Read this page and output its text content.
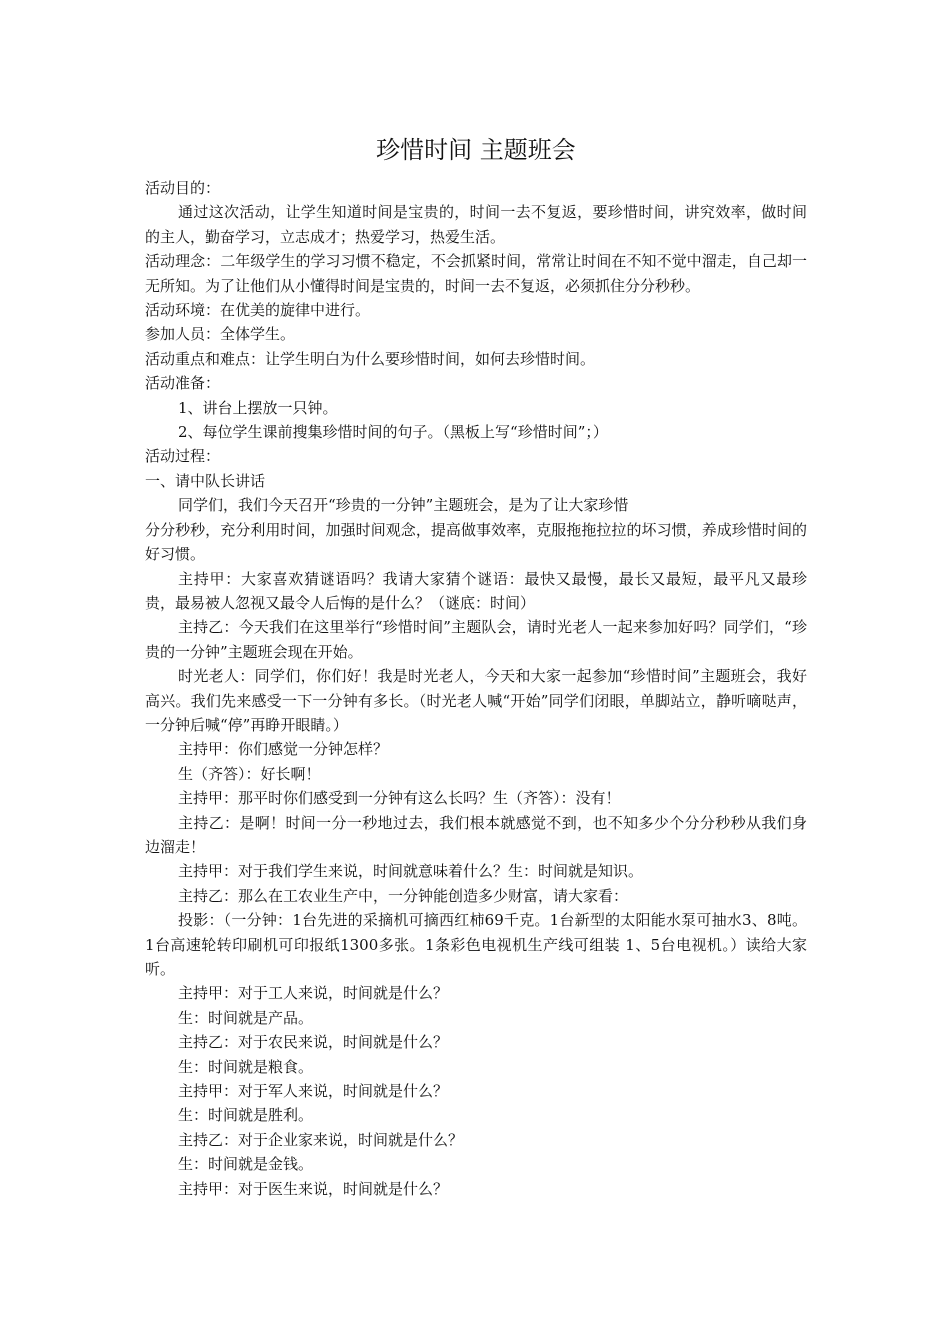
珍惜时间 主题班会

活动目的：

通过这次活动，让学生知道时间是宝贵的，时间一去不复返，要珍惜时间，讲究效率，做时间的主人，勤奋学习，立志成才；热爱学习，热爱生活。

活动理念：二年级学生的学习习惯不稳定，不会抓紧时间，常常让时间在不知不觉中溜走，自己却一无所知。为了让他们从小懂得时间是宝贵的，时间一去不复返，必须抓住分分秒秒。

活动环境：在优美的旋律中进行。

参加人员：全体学生。

活动重点和难点：让学生明白为什么要珍惜时间，如何去珍惜时间。

活动准备：

1、讲台上摆放一只钟。

2、每位学生课前搜集珍惜时间的句子。（黑板上写“珍惜时间”；）

活动过程：

一、请中队长讲话

同学们，我们今天召开“珍贵的一分钟”主题班会，是为了让大家珍惜

分分秒秒，充分利用时间，加强时间观念，提高做事效率，克服拖拖拉拉的坏习惯，养成珍惜时间的好习惯。

主持甲：大家喜欢猜谜语吗？我请大家猜个谜语：最快又最慢，最长又最短，最平凡又最珍贵，最易被人忽视又最令人后悔的是什么？（谜底：时间）

主持乙：今天我们在这里举行“珍惜时间”主题队会，请时光老人一起来参加好吗？同学们，“珍贵的一分钟”主题班会现在开始。

时光老人：同学们，你们好！我是时光老人，今天和大家一起参加“珍惜时间”主题班会，我好高兴。我们先来感受一下一分钟有多长。（时光老人喊“开始”同学们闭眼，单脚站立，静听嘀哒声，一分钟后喊“停”再睁开眼睛。）

主持甲：你们感觉一分钟怎样？

生（齐答）：好长啊！

主持甲：那平时你们感受到一分钟有这么长吗？生（齐答）：没有！

主持乙：是啊！时间一分一秒地过去，我们根本就感觉不到，也不知多少个分分秒秒从我们身边溜走！

主持甲：对于我们学生来说，时间就意味着什么？生：时间就是知识。

主持乙：那么在工农业生产中，一分钟能创造多少财富，请大家看：

投影：（一分钟：1台先进的采摘机可摘西红柿69千克。1台新型的太阳能水泵可抽水3、8吨。1台高速轮转印刷机可印报纸1300多张。1条彩色电视机生产线可组装 1、5台电视机。）读给大家听。

主持甲：对于工人来说，时间就是什么？

生：时间就是产品。

主持乙：对于农民来说，时间就是什么？

生：时间就是粮食。

主持甲：对于军人来说，时间就是什么？

生：时间就是胜利。

主持乙：对于企业家来说，时间就是什么？

生：时间就是金钱。

主持甲：对于医生来说，时间就是什么？
